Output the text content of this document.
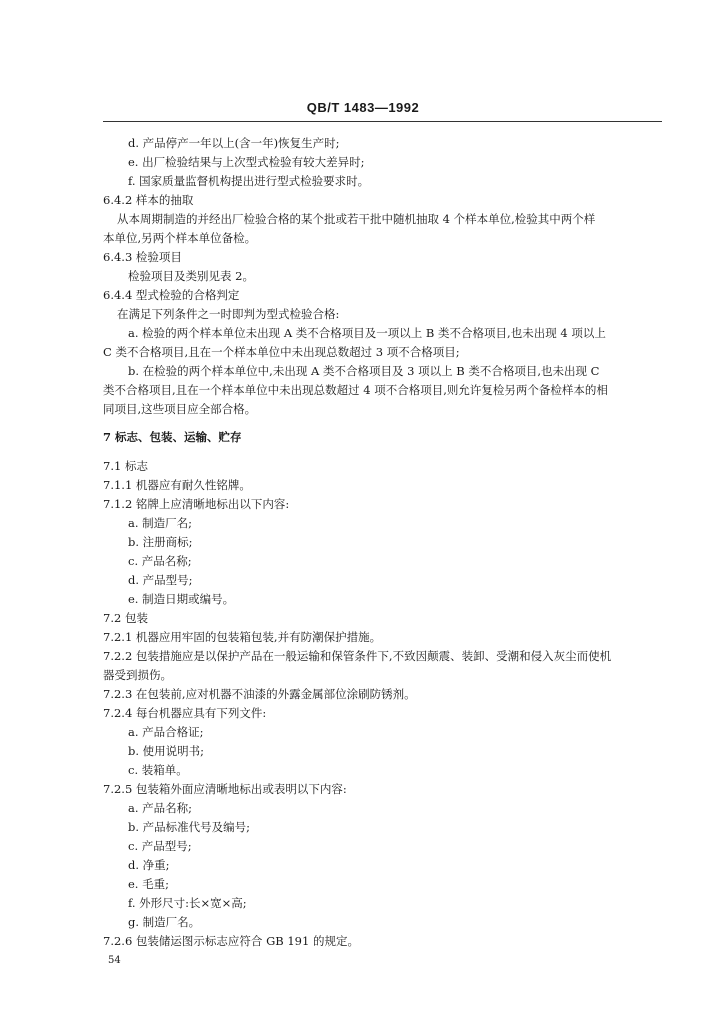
QB/T 1483—1992
d. 产品停产一年以上(含一年)恢复生产时;
e. 出厂检验结果与上次型式检验有较大差异时;
f. 国家质量监督机构提出进行型式检验要求时。
6.4.2 样本的抽取
从本周期制造的并经出厂检验合格的某个批或若干批中随机抽取 4 个样本单位,检验其中两个样
本单位,另两个样本单位备检。
6.4.3 检验项目
检验项目及类别见表 2。
6.4.4 型式检验的合格判定
在满足下列条件之一时即判为型式检验合格:
a. 检验的两个样本单位未出现 A 类不合格项目及一项以上 B 类不合格项目,也未出现 4 项以上
C 类不合格项目,且在一个样本单位中未出现总数超过 3 项不合格项目;
b. 在检验的两个样本单位中,未出现 A 类不合格项目及 3 项以上 B 类不合格项目,也未出现 C
类不合格项目,且在一个样本单位中未出现总数超过 4 项不合格项目,则允许复检另两个备检样本的相
同项目,这些项目应全部合格。
7 标志、包装、运输、贮存
7.1 标志
7.1.1 机器应有耐久性铭牌。
7.1.2 铭牌上应清晰地标出以下内容:
a. 制造厂名;
b. 注册商标;
c. 产品名称;
d. 产品型号;
e. 制造日期或编号。
7.2 包装
7.2.1 机器应用牢固的包装箱包装,并有防潮保护措施。
7.2.2 包装措施应是以保护产品在一般运输和保管条件下,不致因颠震、装卸、受潮和侵入灰尘而使机
器受到损伤。
7.2.3 在包装前,应对机器不油漆的外露金属部位涂刷防锈剂。
7.2.4 每台机器应具有下列文件:
a. 产品合格证;
b. 使用说明书;
c. 装箱单。
7.2.5 包装箱外面应清晰地标出或表明以下内容:
a. 产品名称;
b. 产品标准代号及编号;
c. 产品型号;
d. 净重;
e. 毛重;
f. 外形尺寸:长×宽×高;
g. 制造厂名。
7.2.6 包装储运图示标志应符合 GB 191 的规定。
54
